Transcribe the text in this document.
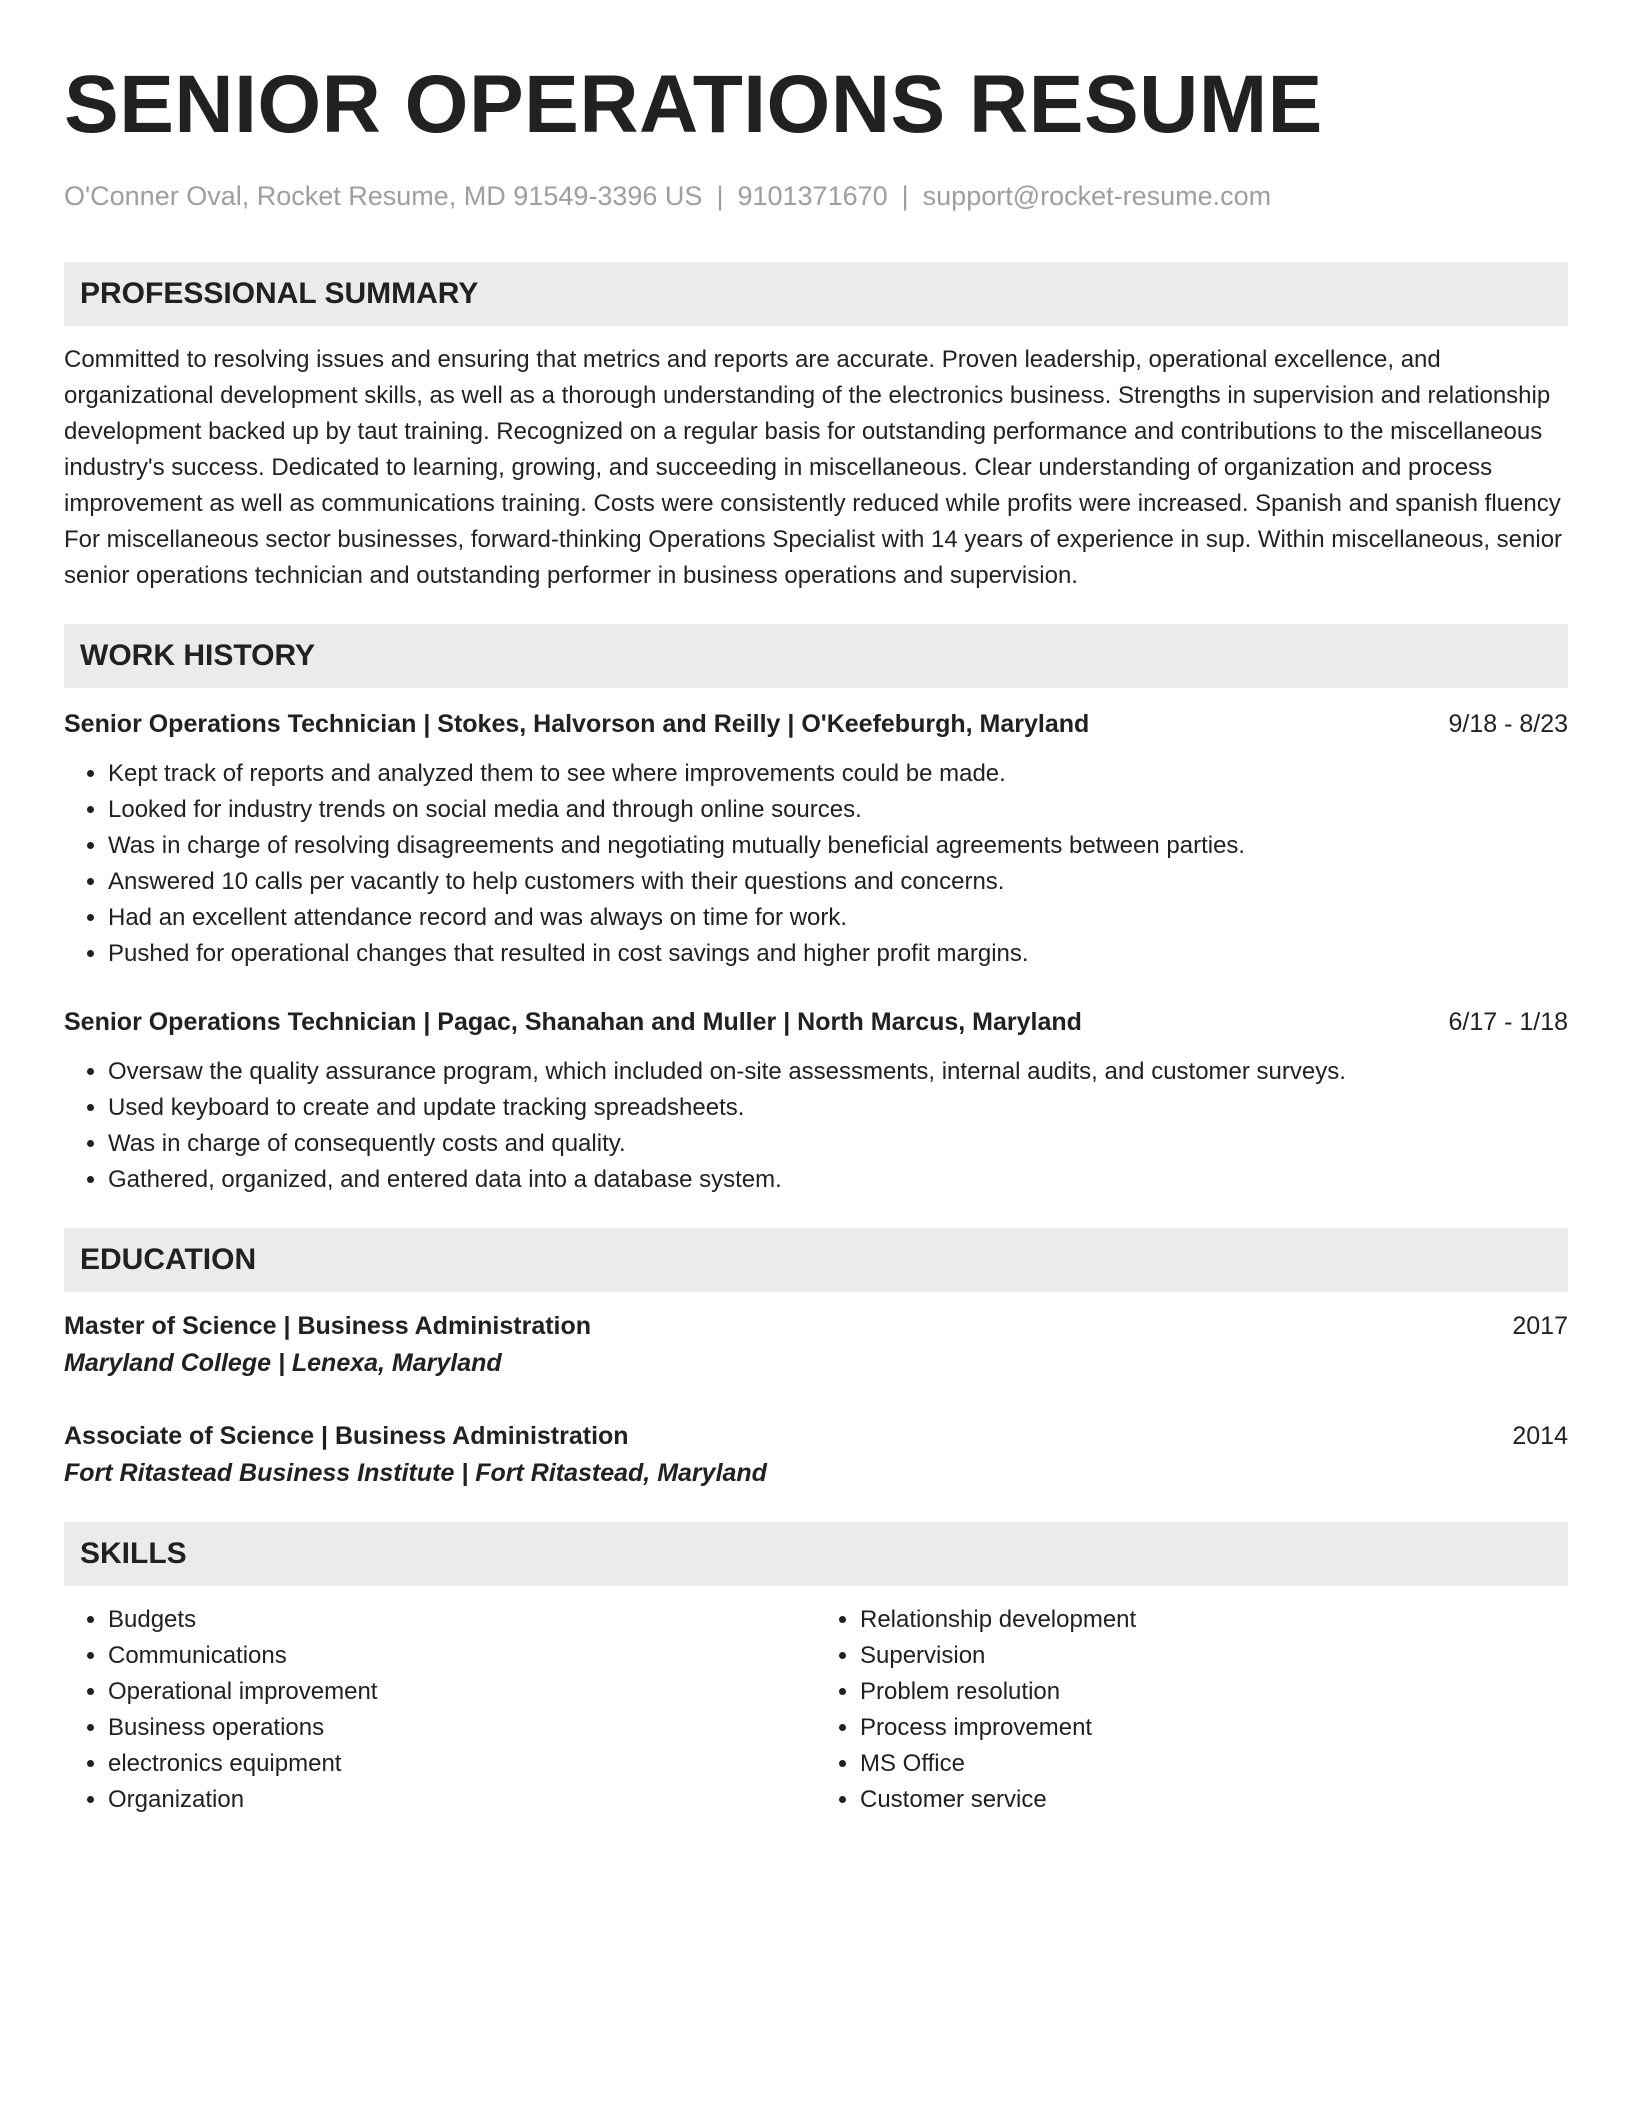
SENIOR OPERATIONS RESUME
O'Conner Oval, Rocket Resume, MD 91549-3396 US | 9101371670 | support@rocket-resume.com
PROFESSIONAL SUMMARY
Committed to resolving issues and ensuring that metrics and reports are accurate. Proven leadership, operational excellence, and organizational development skills, as well as a thorough understanding of the electronics business. Strengths in supervision and relationship development backed up by taut training. Recognized on a regular basis for outstanding performance and contributions to the miscellaneous industry's success. Dedicated to learning, growing, and succeeding in miscellaneous. Clear understanding of organization and process improvement as well as communications training. Costs were consistently reduced while profits were increased. Spanish and spanish fluency For miscellaneous sector businesses, forward-thinking Operations Specialist with 14 years of experience in sup. Within miscellaneous, senior senior operations technician and outstanding performer in business operations and supervision.
WORK HISTORY
Senior Operations Technician | Stokes, Halvorson and Reilly | O'Keefeburgh, Maryland	9/18 - 8/23
• Kept track of reports and analyzed them to see where improvements could be made.
• Looked for industry trends on social media and through online sources.
• Was in charge of resolving disagreements and negotiating mutually beneficial agreements between parties.
• Answered 10 calls per vacantly to help customers with their questions and concerns.
• Had an excellent attendance record and was always on time for work.
• Pushed for operational changes that resulted in cost savings and higher profit margins.
Senior Operations Technician | Pagac, Shanahan and Muller | North Marcus, Maryland	6/17 - 1/18
• Oversaw the quality assurance program, which included on-site assessments, internal audits, and customer surveys.
• Used keyboard to create and update tracking spreadsheets.
• Was in charge of consequently costs and quality.
• Gathered, organized, and entered data into a database system.
EDUCATION
Master of Science | Business Administration	2017
Maryland College | Lenexa, Maryland
Associate of Science | Business Administration	2014
Fort Ritastead Business Institute | Fort Ritastead, Maryland
SKILLS
• Budgets
• Communications
• Operational improvement
• Business operations
• electronics equipment
• Organization
• Relationship development
• Supervision
• Problem resolution
• Process improvement
• MS Office
• Customer service
